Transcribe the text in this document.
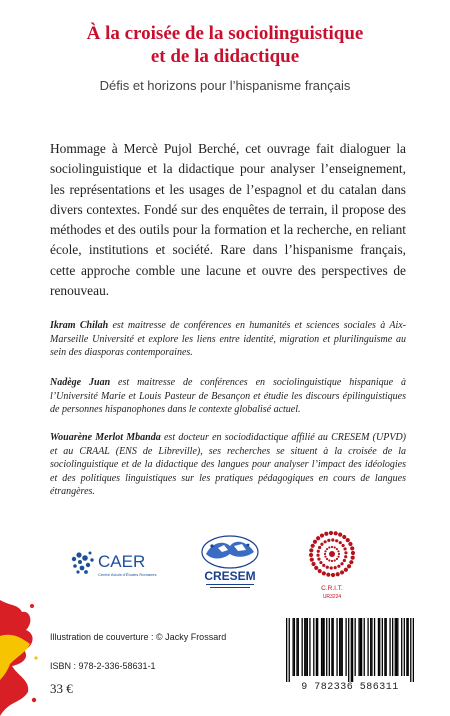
À la croisée de la sociolinguistique
et de la didactique
Défis et horizons pour l’hispanisme français

Hommage à Mercè Pujol Berché, cet ouvrage fait dialoguer la sociolinguistique et la didactique pour analyser l’enseignement, les représentations et les usages de l’espagnol et du catalan dans divers contextes. Fondé sur des enquêtes de terrain, il propose des méthodes et des outils pour la formation et la recherche, en reliant école, institutions et société. Rare dans l’hispanisme français, cette approche comble une lacune et ouvre des perspectives de renouveau.

Ikram Chilah est maitresse de conférences en humanités et sciences sociales à Aix-Marseille Université et explore les liens entre identité, migration et plurilinguisme au sein des diasporas contemporaines.

Nadège Juan est maitresse de conférences en sociolinguistique hispanique à l’Université Marie et Louis Pasteur de Besançon et étudie les discours épilinguistiques de personnes hispanophones dans le contexte globalisé actuel.

Wouarène Merlot Mbanda est docteur en sociodidactique affilié au CRESEM (UPVD) et au CRAAL (ENS de Libreville), ses recherches se situent à la croisée de la sociolinguistique et de la didactique des langues pour analyser l’impact des idéologies et des politiques linguistiques sur les pratiques pédagogiques en cours de langues étrangères.

CAER
Centre Aixois d’Études Romanes	CRESEM
C.R.I.T.
UR3224
Illustration de couverture : © Jacky Frossard
ISBN : 978-2-336-58631-1
33 €	9 782336 586311
